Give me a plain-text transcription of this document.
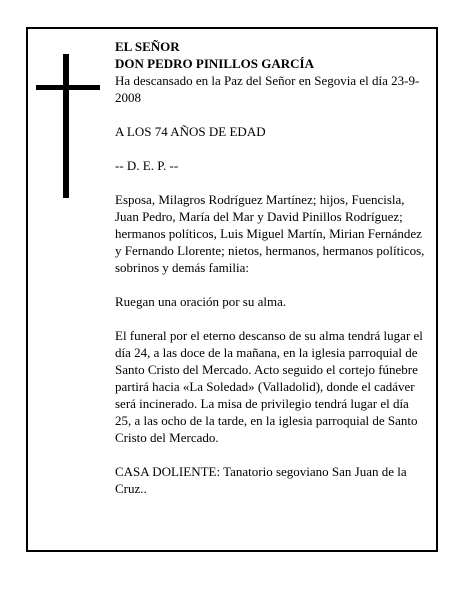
EL SEÑOR

DON PEDRO PINILLOS GARCÍA

Ha descansado en la Paz del Señor en Segovia el día 23-9-2008

A LOS 74 AÑOS DE EDAD

-- D. E. P. --

Esposa, Milagros Rodríguez Martínez; hijos, Fuencisla, Juan Pedro, María del Mar y David Pinillos Rodríguez; hermanos políticos, Luis Miguel Martín, Mirian Fernández y Fernando Llorente; nietos, hermanos, hermanos políticos, sobrinos y demás familia:

Ruegan una oración por su alma.

El funeral por el eterno descanso de su alma tendrá lugar el día 24, a las doce de la mañana, en la iglesia parroquial de Santo Cristo del Mercado. Acto seguido el cortejo fúnebre partirá hacia «La Soledad» (Valladolid), donde el cadáver será incinerado. La misa de privilegio tendrá lugar el día 25, a las ocho de la tarde, en la iglesia parroquial de Santo Cristo del Mercado.

CASA DOLIENTE: Tanatorio segoviano San Juan de la Cruz..
